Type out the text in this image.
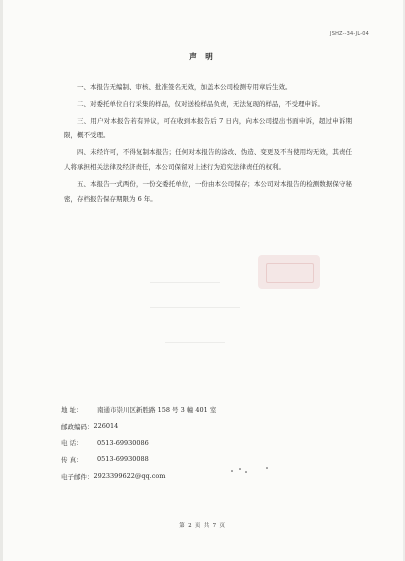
JSHZ--34-JL-04
声 明

一、本报告无编制、审核、批准签名无效，加盖本公司检测专用章后生效。

二、对委托单位自行采集的样品，仅对送检样品负责，无法复现的样品，不受理申诉。

三、用户对本报告若有异议，可在收到本报告后 7 日内，向本公司提出书面申诉，超过申诉期限，概不受理。

四、未经许可，不得复制本报告；任何对本报告的涂改、伪造、变更及不当使用均无效，其责任人将承担相关法律及经济责任，本公司保留对上述行为追究法律责任的权利。

五、本报告一式两份，一份交委托单位，一份由本公司保存；本公司对本报告的检测数据保守秘密，存档报告保存期限为 6 年。

地 址：	南通市崇川区新胜路 158 号 3 幢 401 室
邮政编码： 226014
电 话：	0513-69930086
传 真：	0513-69930088
电子邮件： 2923399622@qq.com
第 2 页 共 7 页
